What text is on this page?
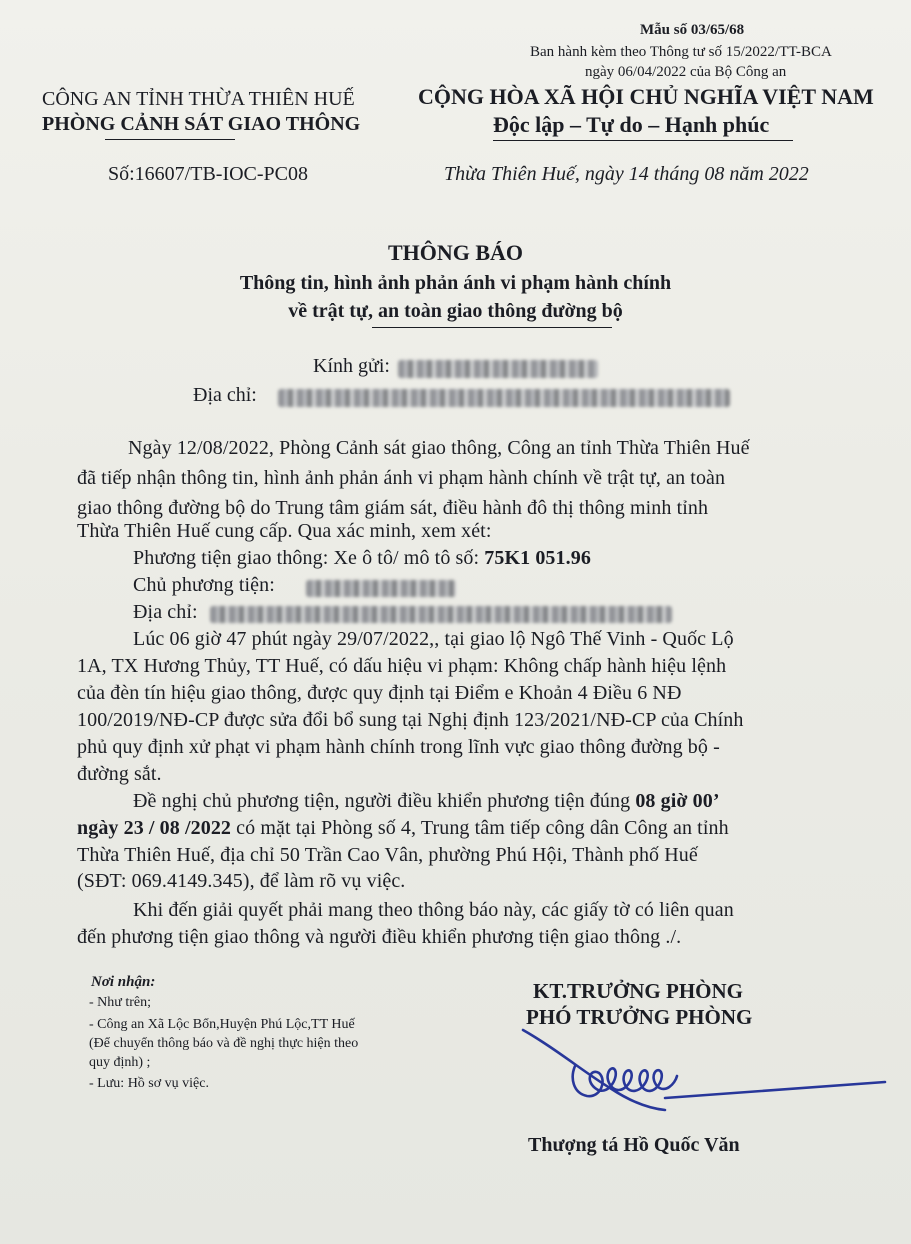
Mẫu số 03/65/68
Ban hành kèm theo Thông tư số 15/2022/TT-BCA
ngày 06/04/2022 của Bộ Công an
CÔNG AN TỈNH THỪA THIÊN HUẾ
PHÒNG CẢNH SÁT GIAO THÔNG
CỘNG HÒA XÃ HỘI CHỦ NGHĨA VIỆT NAM
Độc lập – Tự do – Hạnh phúc
Số:16607/TB-IOC-PC08	Thừa Thiên Huế, ngày 14 tháng 08 năm 2022
THÔNG BÁO
Thông tin, hình ảnh phản ánh vi phạm hành chính
về trật tự, an toàn giao thông đường bộ
Kính gửi:
Địa chỉ:
Ngày 12/08/2022, Phòng Cảnh sát giao thông, Công an tỉnh Thừa Thiên Huế
đã tiếp nhận thông tin, hình ảnh phản ánh vi phạm hành chính về trật tự, an toàn
giao thông đường bộ do Trung tâm giám sát, điều hành đô thị thông minh tỉnh
Thừa Thiên Huế cung cấp. Qua xác minh, xem xét:
Phương tiện giao thông: Xe ô tô/ mô tô số: 75K1 051.96
Chủ phương tiện:
Địa chỉ:
Lúc 06 giờ 47 phút ngày 29/07/2022,, tại giao lộ Ngô Thế Vinh - Quốc Lộ
1A, TX Hương Thủy, TT Huế, có dấu hiệu vi phạm: Không chấp hành hiệu lệnh
của đèn tín hiệu giao thông, được quy định tại Điểm e Khoản 4 Điều 6 NĐ
100/2019/NĐ-CP được sửa đổi bổ sung tại Nghị định 123/2021/NĐ-CP của Chính
phủ quy định xử phạt vi phạm hành chính trong lĩnh vực giao thông đường bộ -
đường sắt.
Đề nghị chủ phương tiện, người điều khiển phương tiện đúng 08 giờ 00’
ngày 23 / 08 /2022 có mặt tại Phòng số 4, Trung tâm tiếp công dân Công an tỉnh
Thừa Thiên Huế, địa chỉ 50 Trần Cao Vân, phường Phú Hội, Thành phố Huế
(SĐT: 069.4149.345), để làm rõ vụ việc.
Khi đến giải quyết phải mang theo thông báo này, các giấy tờ có liên quan
đến phương tiện giao thông và người điều khiển phương tiện giao thông ./.
Nơi nhận:
- Như trên;
- Công an Xã Lộc Bổn,Huyện Phú Lộc,TT Huế
(Để chuyển thông báo và đề nghị thực hiện theo
quy định) ;
- Lưu: Hồ sơ vụ việc.
KT.TRƯỞNG PHÒNG
PHÓ TRƯỞNG PHÒNG
Thượng tá Hồ Quốc Văn
